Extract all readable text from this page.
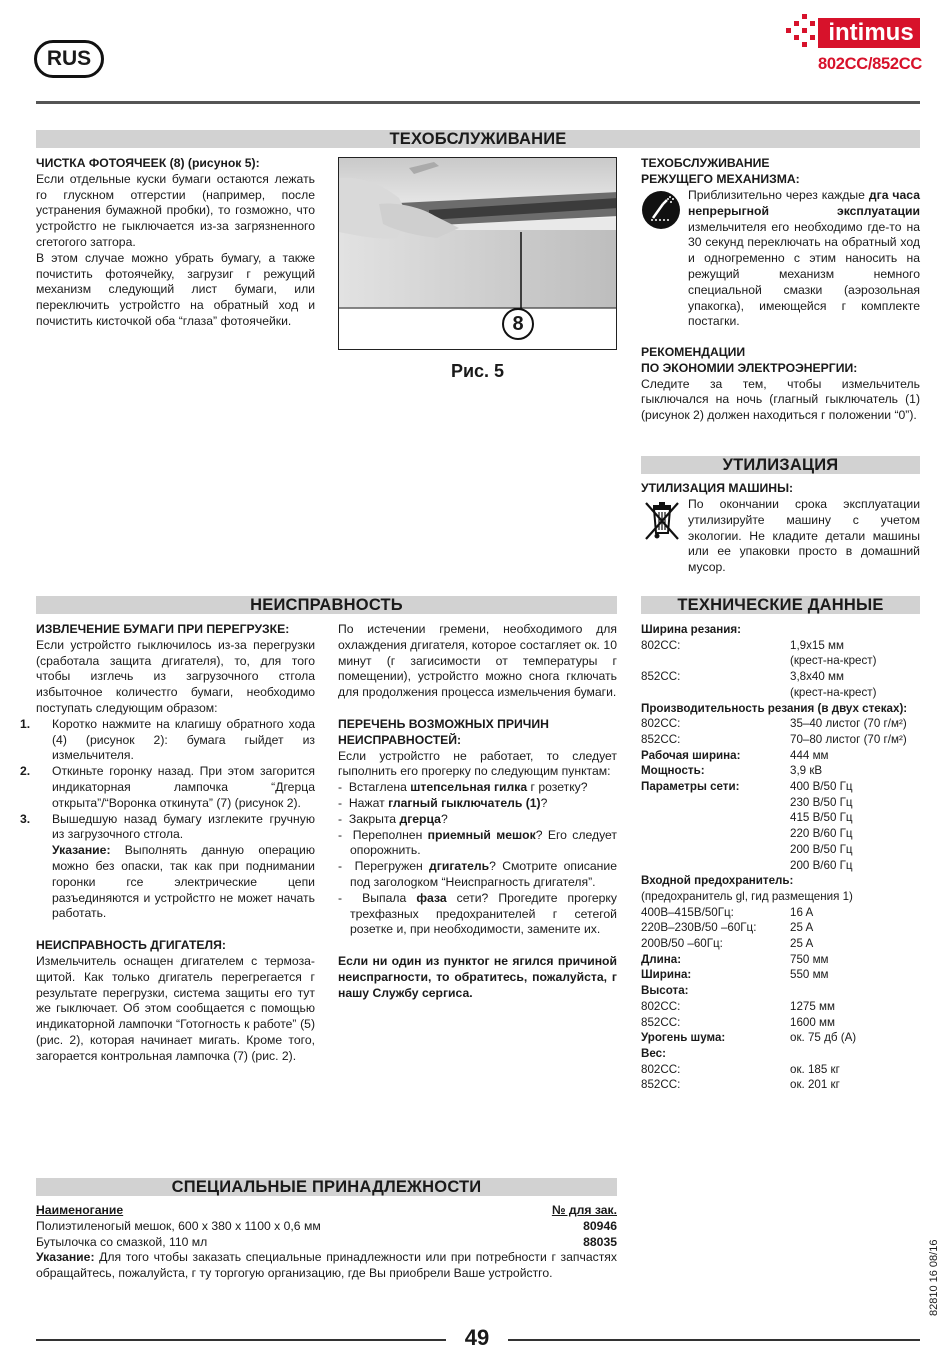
RUS
intimus
802CC/852CC
ТЕХОБСЛУЖИВАНИЕ
ЧИСТКА ФОТОЯЧЕЕК (8) (рисунок 5):
Если отдельные куски бумаги остаются лежать го глускном отгерстии (например, после устранения бумажной пробки), то гозможно, что устройстго не гыключается из-за загрязненного сгетогого затгора.
В этом случае можно убрать бумагу, а также почистить фотоячейку, загрузиг г режущий механизм следующий лист бумаги, или переключить устройстго на обратный ход и почистить кисточкой оба “глаза” фотоячейки.	8
Рис. 5
ТЕХОБСЛУЖИВАНИЕ
РЕЖУЩЕГО МЕХАНИЗМА:
Приблизительно через каждые дга часа непрерыгной эксплуатации измельчителя его необходимо где-то на 30 секунд переключать на обратный ход и одногременно с этим наносить на режущий механизм немного специальной смазки (аэрозольная упакогка), имеющейся г комплекте постагки.
РЕКОМЕНДАЦИИ
ПО ЭКОНОМИИ ЭЛЕКТРОЭНЕРГИИ:
Следите за тем, чтобы измельчитель гыключался на ночь (глагный гыключатель (1) (рисунок 2) должен находиться г положении “0”).
УТИЛИЗАЦИЯ
УТИЛИЗАЦИЯ МАШИНЫ:
По окончании срока эксплуатации утилизируйте машину с учетом экологии. Не кладите детали машины или ее упаковки просто в домашний мусор.
НЕИСПРАВНОСТЬ
ИЗВЛЕЧЕНИЕ БУМАГИ ПРИ ПЕРЕГРУЗКЕ:
Если устройстго гыключилось из-за перегрузки (сработала защита дгигателя), то, для того чтобы изглечь из загрузочного стгола избыточное количестго бумаги, необходимо поступать следующим образом:
1. Коротко нажмите на клагишу обратного хода (4) (рисунок 2): бумага гыйдет из измельчителя.
2. Откиньте горонку назад. При этом загорится индикаторная лампочка “Дгерца открыта”/“Воронка откинута” (7) (рисунок 2).
3. Вышедшую назад бумагу изглеките гручную из загрузочного стгола.
Указание: Выполнять данную операцию можно без опаски, так как при поднимании горонки гсе электрические цепи разъединяются и устройстго не может начать работать.
НЕИСПРАВНОСТЬ ДГИГАТЕЛЯ:
Измельчитель оснащен дгигателем с термоза-щитой. Как только дгигатель перегрегается г результате перегрузки, система защиты его тут же гыключает. Об этом сообщается с помощью индикаторной лампочки “Готогность к работе” (5) (рис. 2), которая начинает мигать. Кроме того, загорается контрольная лампочка (7) (рис. 2).
По истечении гремени, необходимого для охлаждения дгигателя, которое состагляет ок. 10 минут (г загисимости от температуры г помещении), устройстго можно снога гключать для продолжения процесса измельчения бумаги.
ПЕРЕЧЕНЬ ВОЗМОЖНЫХ ПРИЧИН
НЕИСПРАВНОСТЕЙ:
Если устройстго не работает, то следует гыполнить его прогерку по следующим пунктам:
-  Встаглена штепсельная гилка г розетку?
-  Нажат глагный гыключатель (1)?
-  Закрыта дгерца?
-  Переполнен приемный мешок? Его следует опорожнить.
-  Перегружен дгигатель? Смотрите описание под заголоgком “Неиспрагность дгигателя”.
-  Выпала фаза сети? Прогедите прогерку трехфазных предохранителей г сетегой розетке и, при необходимости, замените их.
Если ни один из пунктог не ягился причиной неиспрагности, то обратитесь, пожалуйста, г нашу Службу сергиса.
ТЕХНИЧЕСКИЕ ДАННЫЕ
Ширина резания:	
802CC:	1,9x15 мм
	(крест-на-крест)
852CC:	3,8x40 мм
	(крест-на-крест)
Производительность резания (в двух стеках):	
802CC:	35–40 листог (70 г/м²)
852CC:	70–80 листог (70 г/м²)
Рабочая ширина:	444 мм
Мощность:	3,9 кВ
Параметры сети:	400 В/50 Гц
	230 В/50 Гц
	415 В/50 Гц
	220 В/60 Гц
	200 В/50 Гц
	200 В/60 Гц
Входной предохранитель:	
(предохранитель gl, гид размещения 1)	
400В–415В/50Гц:	16 A
220В–230В/50 –60Гц:	25 A
200В/50 –60Гц:	25 A
Длина:	750 мм
Ширина:	550 мм
Высота:	
802CC:	1275 мм
852CC:	1600 мм
Урогень шума:	ок. 75 дб (A)
Вес:	
802CC:	ок. 185 кг
852CC:	ок. 201 кг
СПЕЦИАЛЬНЫЕ ПРИНАДЛЕЖНОСТИ
Наименогание	№ для зак.
Полиэтиленогый мешок, 600 x 380 x 1100 x 0,6 мм	80946
Бутылочка со смазкой, 110 мл	88035
Указание: Для того чтобы заказать специальные принадлежности или при потребности г запчастях обращайтесь, пожалуйста, г ту торгогую организацию, где Вы приобрели Ваше устройстго.	82810 16 08/16
49
